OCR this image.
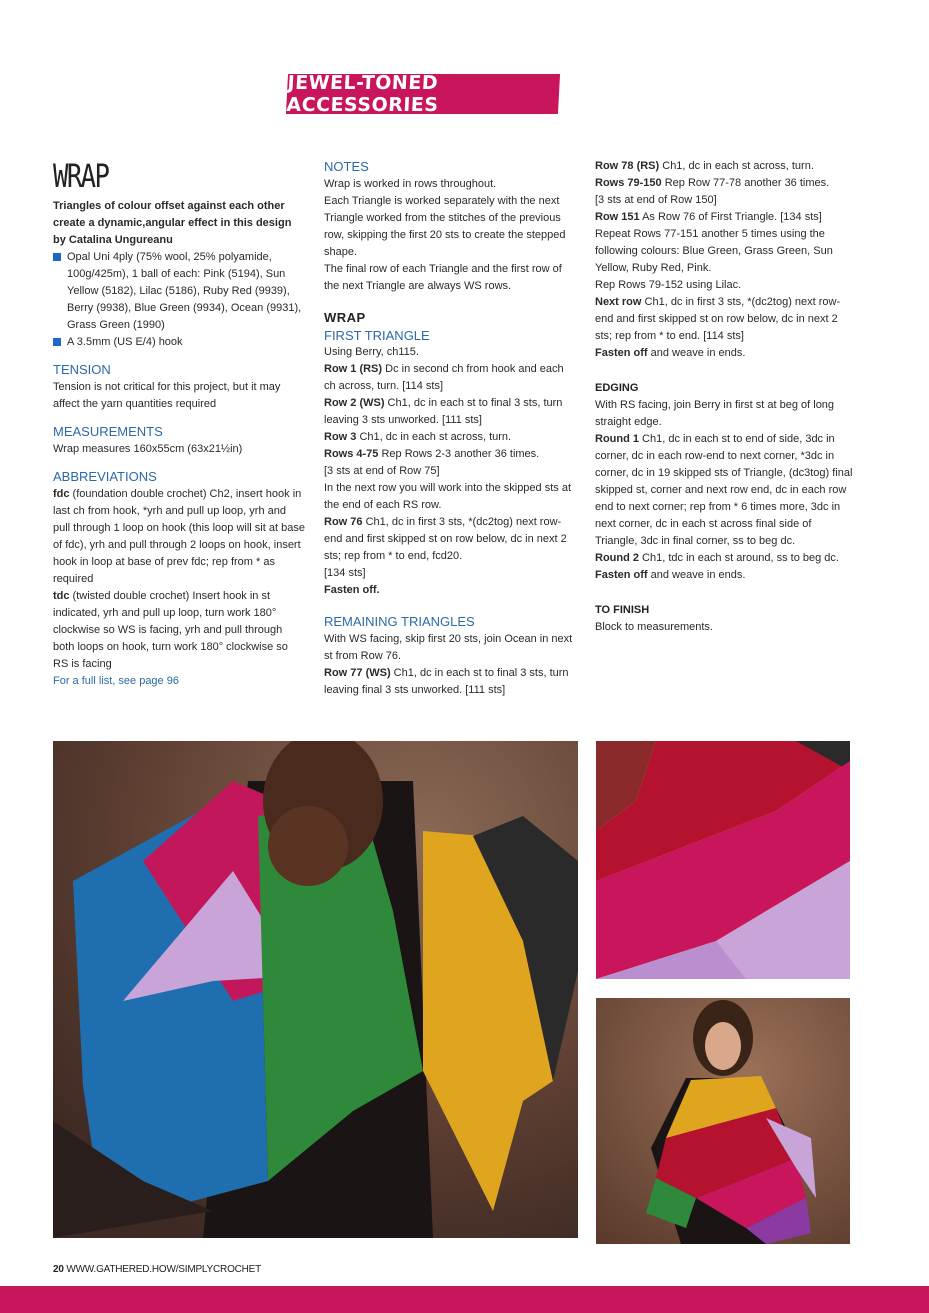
JEWEL-TONED ACCESSORIES
WRAP

Triangles of colour offset against each other create a dynamic,angular effect in this design by Catalina Ungureanu

Opal Uni 4ply (75% wool, 25% polyamide, 100g/425m), 1 ball of each: Pink (5194), Sun Yellow (5182), Lilac (5186), Ruby Red (9939), Berry (9938), Blue Green (9934), Ocean (9931), Grass Green (1990)
A 3.5mm (US E/4) hook
TENSION

Tension is not critical for this project, but it may affect the yarn quantities required

MEASUREMENTS

Wrap measures 160x55cm (63x21½in)

ABBREVIATIONS

fdc (foundation double crochet) Ch2, insert hook in last ch from hook, *yrh and pull up loop, yrh and pull through 1 loop on hook (this loop will sit at base of fdc), yrh and pull through 2 loops on hook, insert hook in loop at base of prev fdc; rep from * as required

tdc (twisted double crochet) Insert hook in st indicated, yrh and pull up loop, turn work 180° clockwise so WS is facing, yrh and pull through both loops on hook, turn work 180° clockwise so RS is facing

For a full list, see page 96

NOTES

Wrap is worked in rows throughout.

Each Triangle is worked separately with the next Triangle worked from the stitches of the previous row, skipping the first 20 sts to create the stepped shape.

The final row of each Triangle and the first row of the next Triangle are always WS rows.

WRAP
FIRST TRIANGLE

Using Berry, ch115.

Row 1 (RS) Dc in second ch from hook and each ch across, turn. [114 sts]

Row 2 (WS) Ch1, dc in each st to final 3 sts, turn leaving 3 sts unworked. [111 sts]

Row 3 Ch1, dc in each st across, turn.

Rows 4-75 Rep Rows 2-3 another 36 times.

[3 sts at end of Row 75]

In the next row you will work into the skipped sts at the end of each RS row.

Row 76 Ch1, dc in first 3 sts, *(dc2tog) next row-end and first skipped st on row below, dc in next 2 sts; rep from * to end, fcd20.

[134 sts]

Fasten off.

REMAINING TRIANGLES

With WS facing, skip first 20 sts, join Ocean in next st from Row 76.

Row 77 (WS) Ch1, dc in each st to final 3 sts, turn leaving final 3 sts unworked. [111 sts]

Row 78 (RS) Ch1, dc in each st across, turn.

Rows 79-150 Rep Row 77-78 another 36 times.

[3 sts at end of Row 150]

Row 151 As Row 76 of First Triangle. [134 sts]

Repeat Rows 77-151 another 5 times using the following colours: Blue Green, Grass Green, Sun Yellow, Ruby Red, Pink.

Rep Rows 79-152 using Lilac.

Next row Ch1, dc in first 3 sts, *(dc2tog) next row-end and first skipped st on row below, dc in next 2 sts; rep from * to end. [114 sts]

Fasten off and weave in ends.

EDGING

With RS facing, join Berry in first st at beg of long straight edge.

Round 1 Ch1, dc in each st to end of side, 3dc in corner, dc in each row-end to next corner, *3dc in corner, dc in 19 skipped sts of Triangle, (dc3tog) final skipped st, corner and next row end, dc in each row end to next corner; rep from * 6 times more, 3dc in next corner, dc in each st across final side of Triangle, 3dc in final corner, ss to beg dc.

Round 2 Ch1, tdc in each st around, ss to beg dc.

Fasten off and weave in ends.

TO FINISH

Block to measurements.

20 WWW.GATHERED.HOW/SIMPLYCROCHET
